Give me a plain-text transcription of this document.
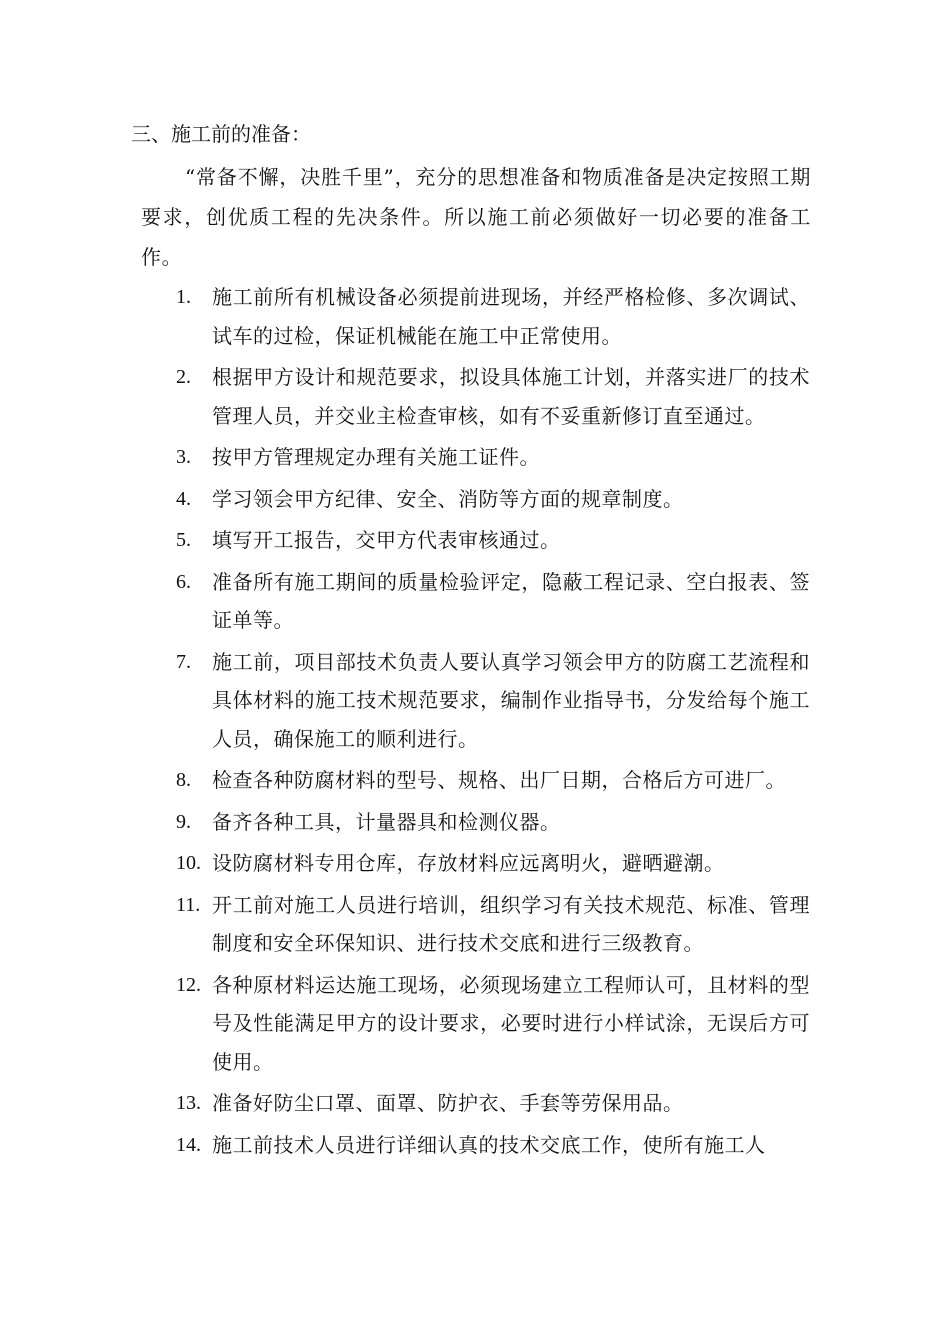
三、施工前的准备：
“常备不懈，决胜千里”，充分的思想准备和物质准备是决定按照工期要求，创优质工程的先决条件。所以施工前必须做好一切必要的准备工作。
1.	施工前所有机械设备必须提前进现场，并经严格检修、多次调试、试车的过检，保证机械能在施工中正常使用。
2.	根据甲方设计和规范要求，拟设具体施工计划，并落实进厂的技术管理人员，并交业主检查审核，如有不妥重新修订直至通过。
3.	按甲方管理规定办理有关施工证件。
4.	学习领会甲方纪律、安全、消防等方面的规章制度。
5.	填写开工报告，交甲方代表审核通过。
6.	准备所有施工期间的质量检验评定，隐蔽工程记录、空白报表、签证单等。
7.	施工前，项目部技术负责人要认真学习领会甲方的防腐工艺流程和具体材料的施工技术规范要求，编制作业指导书，分发给每个施工人员，确保施工的顺利进行。
8.	检查各种防腐材料的型号、规格、出厂日期，合格后方可进厂。
9.	备齐各种工具，计量器具和检测仪器。
10. 设防腐材料专用仓库，存放材料应远离明火，避晒避潮。
11. 开工前对施工人员进行培训，组织学习有关技术规范、标准、管理制度和安全环保知识、进行技术交底和进行三级教育。
12. 各种原材料运达施工现场，必须现场建立工程师认可，且材料的型号及性能满足甲方的设计要求，必要时进行小样试涂，无误后方可使用。
13. 准备好防尘口罩、面罩、防护衣、手套等劳保用品。
14. 施工前技术人员进行详细认真的技术交底工作，使所有施工人
